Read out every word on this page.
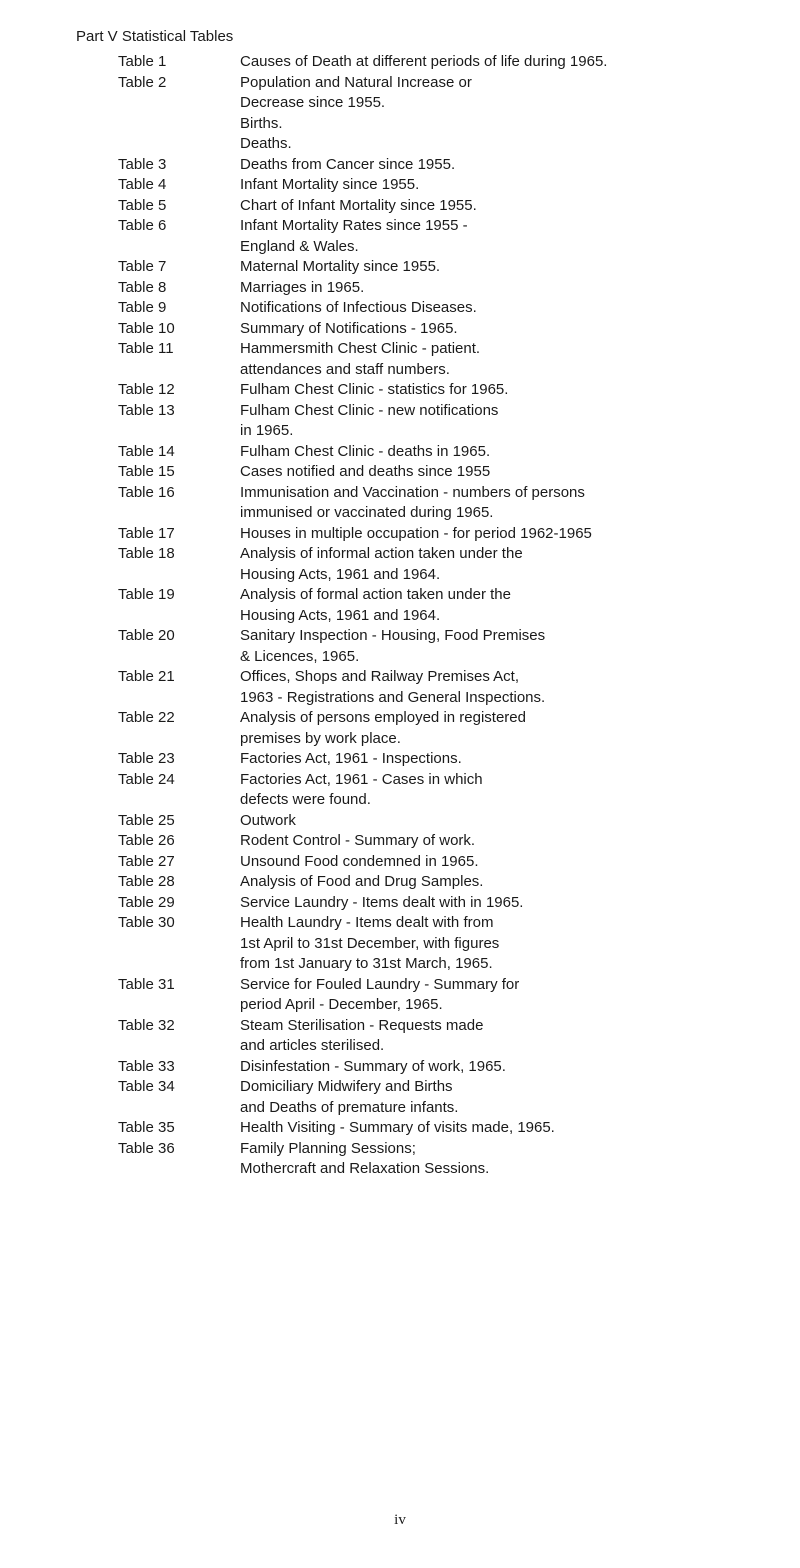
Part V Statistical Tables
Table 1	Causes of Death at different periods of life during 1965.
Table 2	Population and Natural Increase or
Decrease since 1955.
Births.
Deaths.
Table 3	Deaths from Cancer since 1955.
Table 4	Infant Mortality since 1955.
Table 5	Chart of Infant Mortality since 1955.
Table 6	Infant Mortality Rates since 1955 -
England & Wales.
Table 7	Maternal Mortality since 1955.
Table 8	Marriages in 1965.
Table 9	Notifications of Infectious Diseases.
Table 10	Summary of Notifications - 1965.
Table 11	Hammersmith Chest Clinic - patient.
attendances and staff numbers.
Table 12	Fulham Chest Clinic - statistics for 1965.
Table 13	Fulham Chest Clinic - new notifications
in 1965.
Table 14	Fulham Chest Clinic - deaths in 1965.
Table 15	Cases notified and deaths since 1955
Table 16	Immunisation and Vaccination - numbers of persons
immunised or vaccinated during 1965.
Table 17	Houses in multiple occupation - for period 1962-1965
Table 18	Analysis of informal action taken under the
Housing Acts, 1961 and 1964.
Table 19	Analysis of formal action taken under the
Housing Acts, 1961 and 1964.
Table 20	Sanitary Inspection - Housing, Food Premises
& Licences, 1965.
Table 21	Offices, Shops and Railway Premises Act,
1963 - Registrations and General Inspections.
Table 22	Analysis of persons employed in registered
premises by work place.
Table 23	Factories Act, 1961 - Inspections.
Table 24	Factories Act, 1961 - Cases in which
defects were found.
Table 25	Outwork
Table 26	Rodent Control - Summary of work.
Table 27	Unsound Food condemned in 1965.
Table 28	Analysis of Food and Drug Samples.
Table 29	Service Laundry - Items dealt with in 1965.
Table 30	Health Laundry - Items dealt with from
1st April to 31st December, with figures
from 1st January to 31st March, 1965.
Table 31	Service for Fouled Laundry - Summary for
period April - December, 1965.
Table 32	Steam Sterilisation - Requests made
and articles sterilised.
Table 33	Disinfestation - Summary of work, 1965.
Table 34	Domiciliary Midwifery and Births
and Deaths of premature infants.
Table 35	Health Visiting - Summary of visits made, 1965.
Table 36	Family Planning Sessions;
Mothercraft and Relaxation Sessions.
iv
